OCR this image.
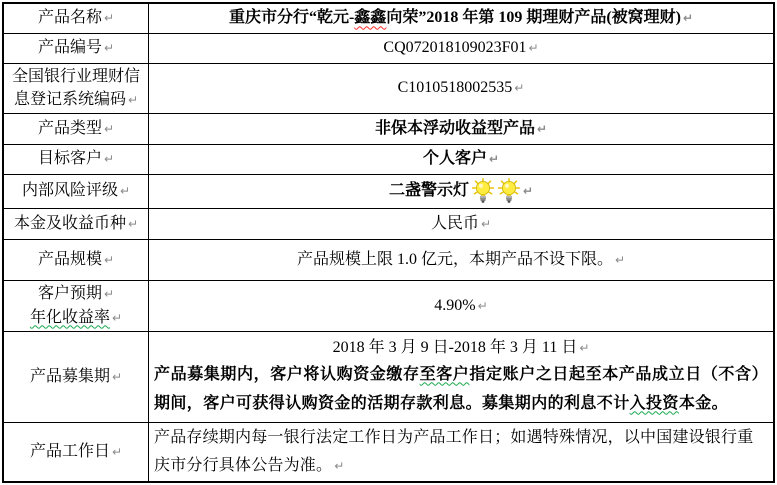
产品名称 ↵	重庆市分行“乾元-鑫鑫向荣”2018 年第 109 期理财产品(被窝理财) ↵

产品编号 ↵	CQ072018109023F01 ↵

全国银行业理财信
息登记系统编码 ↵	C1010518002535 ↵

产品类型 ↵	非保本浮动收益型产品 ↵

目标客户 ↵	个人客户 ↵

内部风险评级 ↵	二盏警示灯 ↵

本金及收益币种 ↵	人民币 ↵

产品规模 ↵	产品规模上限 1.0 亿元，本期产品不设下限。 ↵

客户预期 ↵
年化收益率 ↵	4.90% ↵

产品募集期 ↵	2018 年 3 月 9 日-2018 年 3 月 11 日 ↵
产品募集期内，客户将认购资金缴存至客户指定账户之日起至本产品成立日（不含）期间，客户可获得认购资金的活期存款利息。募集期内的利息不计入投资本金。

产品工作日 ↵	产品存续期内每一银行法定工作日为产品工作日；如遇特殊情况，以中国建设银行重庆市分行具体公告为准。 ↵
